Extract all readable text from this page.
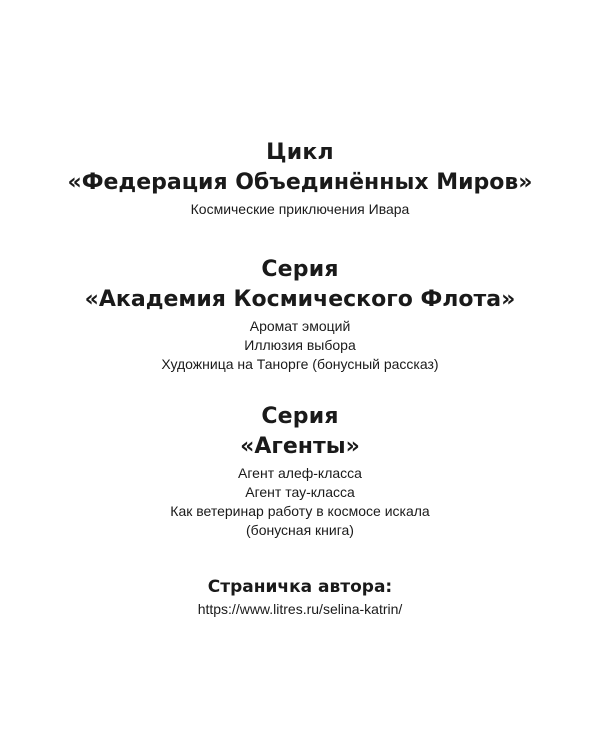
Цикл
«Федерация Объединённых Миров»
Космические приключения Ивара
Серия
«Академия Космического Флота»
Аромат эмоций
Иллюзия выбора
Художница на Танорге (бонусный рассказ)
Серия
«Агенты»
Агент алеф-класса
Агент тау-класса
Как ветеринар работу в космосе искала
(бонусная книга)
Страничка автора:
https://www.litres.ru/selina-katrin/
